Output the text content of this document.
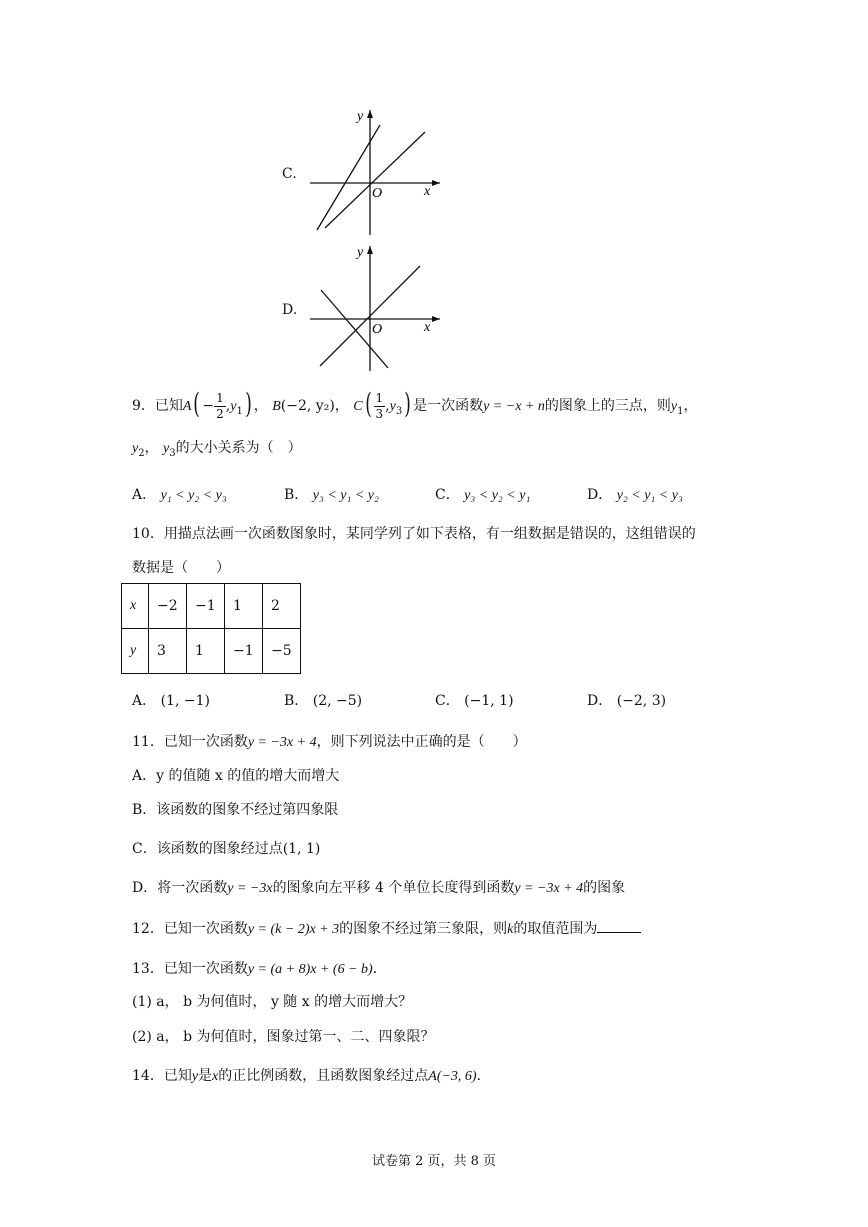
C.
y
x
O
D.
y
x
O
9．已知$A( - \frac{1}{2} ,y_1)$ ， B(−2, y₂)， $C( \frac{1}{3} ,y_3)$ 是一次函数y = −x + n的图象上的三点，则$y_1$，
$y_2$， $y_3$的大小关系为（　）
A． y₁ < y₂ < y₃	B． y₃ < y₁ < y₂	C． y₃ < y₂ < y₁	D． y₂ < y₁ < y₃
10．用描点法画一次函数图象时，某同学列了如下表格，有一组数据是错误的，这组错误的
数据是（　　）
x	−2	−1	1	2
y	3	1	−1	−5
A． (1, −1)	B． (2, −5)	C． (−1, 1)	D． (−2, 3)
11．已知一次函数y = −3x + 4，则下列说法中正确的是（　　）
A．y 的值随 x 的值的增大而增大
B．该函数的图象不经过第四象限
C．该函数的图象经过点(1, 1)
D．将一次函数y = −3x的图象向左平移 4 个单位长度得到函数y = −3x + 4的图象
12．已知一次函数y = (k − 2)x + 3的图象不经过第三象限，则k的取值范围为
13．已知一次函数y = (a + 8)x + (6 − b)．
(1) a， b 为何值时， y 随 x 的增大而增大？
(2) a， b 为何值时，图象过第一、二、四象限？
14．已知y是x的正比例函数，且函数图象经过点A(−3, 6)．
试卷第 2 页，共 8 页
